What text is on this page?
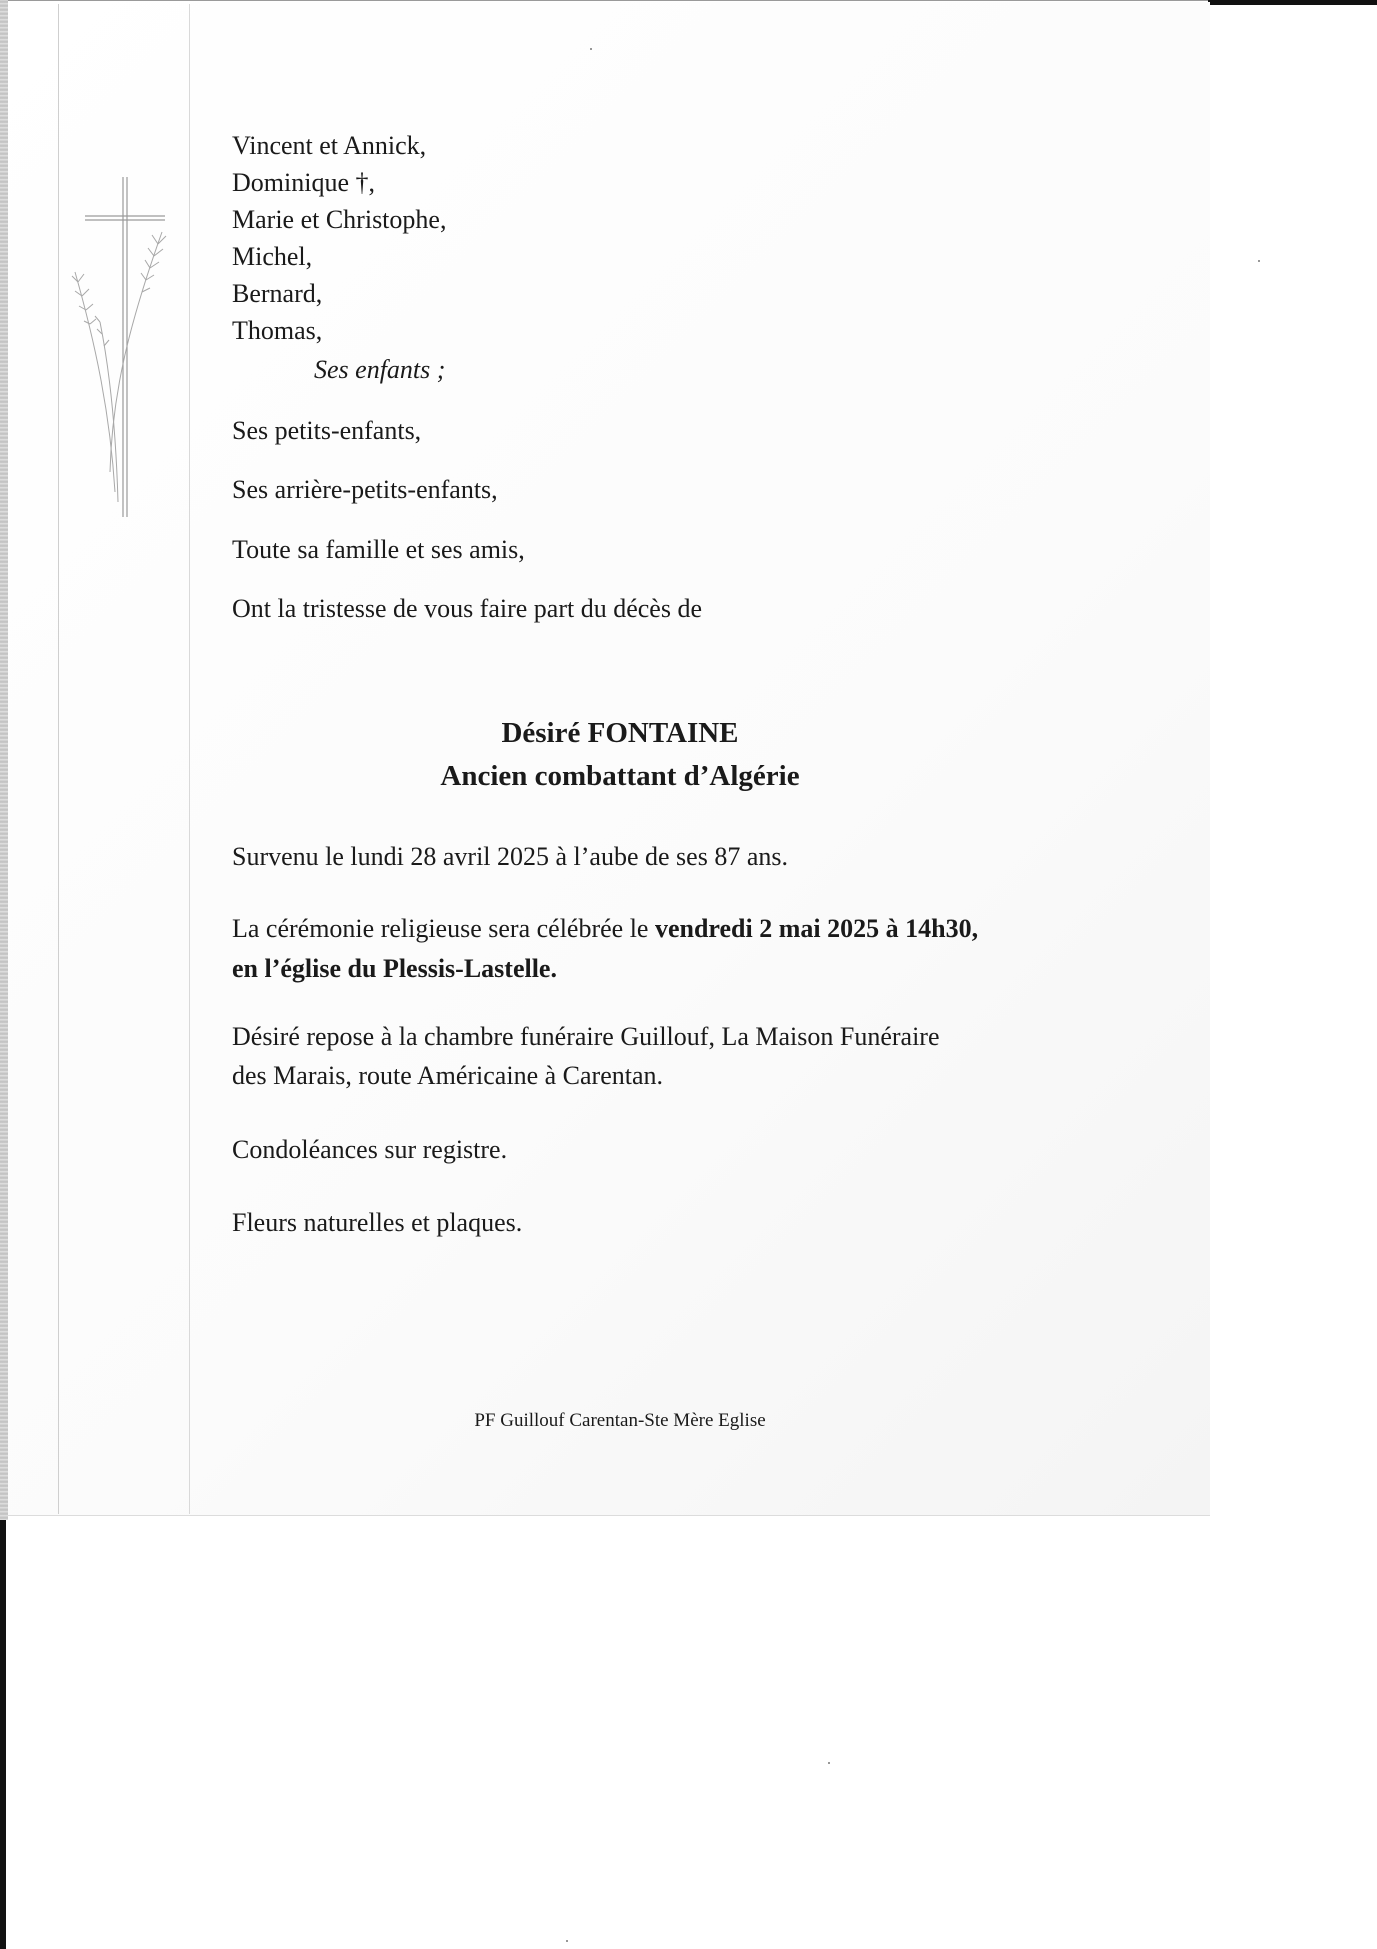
Vincent et Annick,
Dominique †,
Marie et Christophe,
Michel,
Bernard,
Thomas,
Ses enfants ;
Ses petits-enfants,
Ses arrière-petits-enfants,
Toute sa famille et ses amis,
Ont la tristesse de vous faire part du décès de
Désiré FONTAINE
Ancien combattant d’Algérie
Survenu le lundi 28 avril 2025 à l’aube de ses 87 ans.
La cérémonie religieuse sera célébrée le vendredi 2 mai 2025 à 14h30,
en l’église du Plessis-Lastelle.
Désiré repose à la chambre funéraire Guillouf, La Maison Funéraire
des Marais, route Américaine à Carentan.
Condoléances sur registre.
Fleurs naturelles et plaques.
PF Guillouf Carentan-Ste Mère Eglise
